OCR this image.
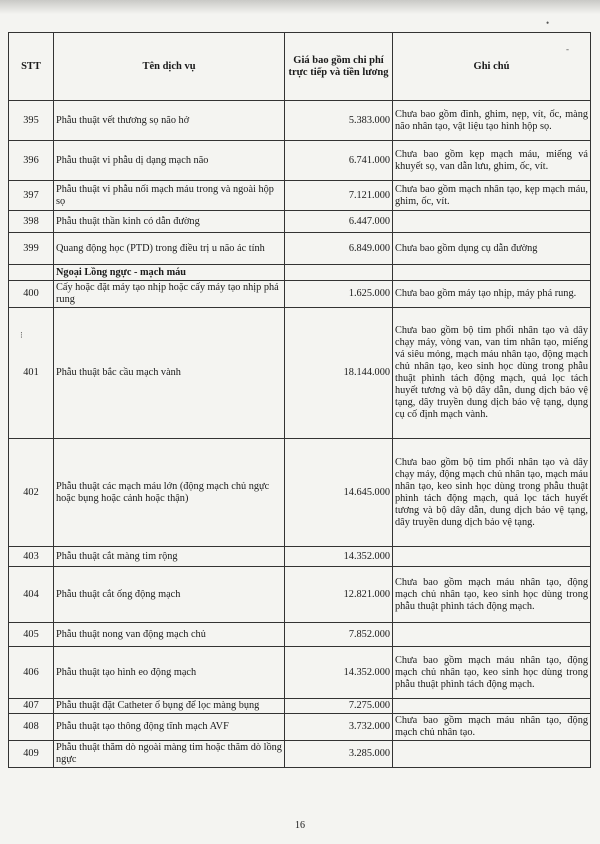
•
-
⁝
STT	Tên dịch vụ	Giá bao gồm chi phí trực tiếp và tiền lương	Ghi chú
395	Phẫu thuật vết thương sọ não hở	5.383.000	Chưa bao gồm đinh, ghim, nẹp, vít, ốc, màng não nhân tạo, vật liệu tạo hình hộp sọ.
396	Phẫu thuật vi phẫu dị dạng mạch não	6.741.000	Chưa bao gồm kẹp mạch máu, miếng vá khuyết sọ, van dẫn lưu, ghim, ốc, vít.
397	Phẫu thuật vi phẫu nối mạch máu trong và ngoài hộp sọ	7.121.000	Chưa bao gồm mạch nhân tạo, kẹp mạch máu, ghim, ốc, vít.
398	Phẫu thuật thần kinh có dẫn đường	6.447.000	
399	Quang động học (PTD) trong điều trị u não ác tính	6.849.000	Chưa bao gồm dụng cụ dẫn đường
	Ngoại Lồng ngực - mạch máu		
400	Cấy hoặc đặt máy tạo nhịp hoặc cấy máy tạo nhịp phá rung	1.625.000	Chưa bao gồm máy tạo nhịp, máy phá rung.
401	Phẫu thuật bắc cầu mạch vành	18.144.000	Chưa bao gồm bộ tim phổi nhân tạo và dây chạy máy, vòng van, van tim nhân tạo, miếng vá siêu mỏng, mạch máu nhân tạo, động mạch chủ nhân tạo, keo sinh học dùng trong phẫu thuật phình tách động mạch, quả lọc tách huyết tương và bộ dây dẫn, dung dịch bảo vệ tạng, dây truyền dung dịch bảo vệ tạng, dụng cụ cố định mạch vành.
402	Phẫu thuật các mạch máu lớn (động mạch chủ ngực hoặc bụng hoặc cảnh hoặc thận)	14.645.000	Chưa bao gồm bộ tim phổi nhân tạo và dây chạy máy, động mạch chủ nhân tạo, mạch máu nhân tạo, keo sinh học dùng trong phẫu thuật phình tách động mạch, quả lọc tách huyết tương và bộ dây dẫn, dung dịch bảo vệ tạng, dây truyền dung dịch bảo vệ tạng.
403	Phẫu thuật cắt màng tim rộng	14.352.000	
404	Phẫu thuật cắt ống động mạch	12.821.000	Chưa bao gồm mạch máu nhân tạo, động mạch chủ nhân tạo, keo sinh học dùng trong phẫu thuật phình tách động mạch.
405	Phẫu thuật nong van động mạch chủ	7.852.000	
406	Phẫu thuật tạo hình eo động mạch	14.352.000	Chưa bao gồm mạch máu nhân tạo, động mạch chủ nhân tạo, keo sinh học dùng trong phẫu thuật phình tách động mạch.
407	Phẫu thuật đặt Catheter ổ bụng để lọc màng bụng	7.275.000	
408	Phẫu thuật tạo thông động tĩnh mạch AVF	3.732.000	Chưa bao gồm mạch máu nhân tạo, động mạch chủ nhân tạo.
409	Phẫu thuật thăm dò ngoài màng tim hoặc thăm dò lồng ngực	3.285.000	
16
